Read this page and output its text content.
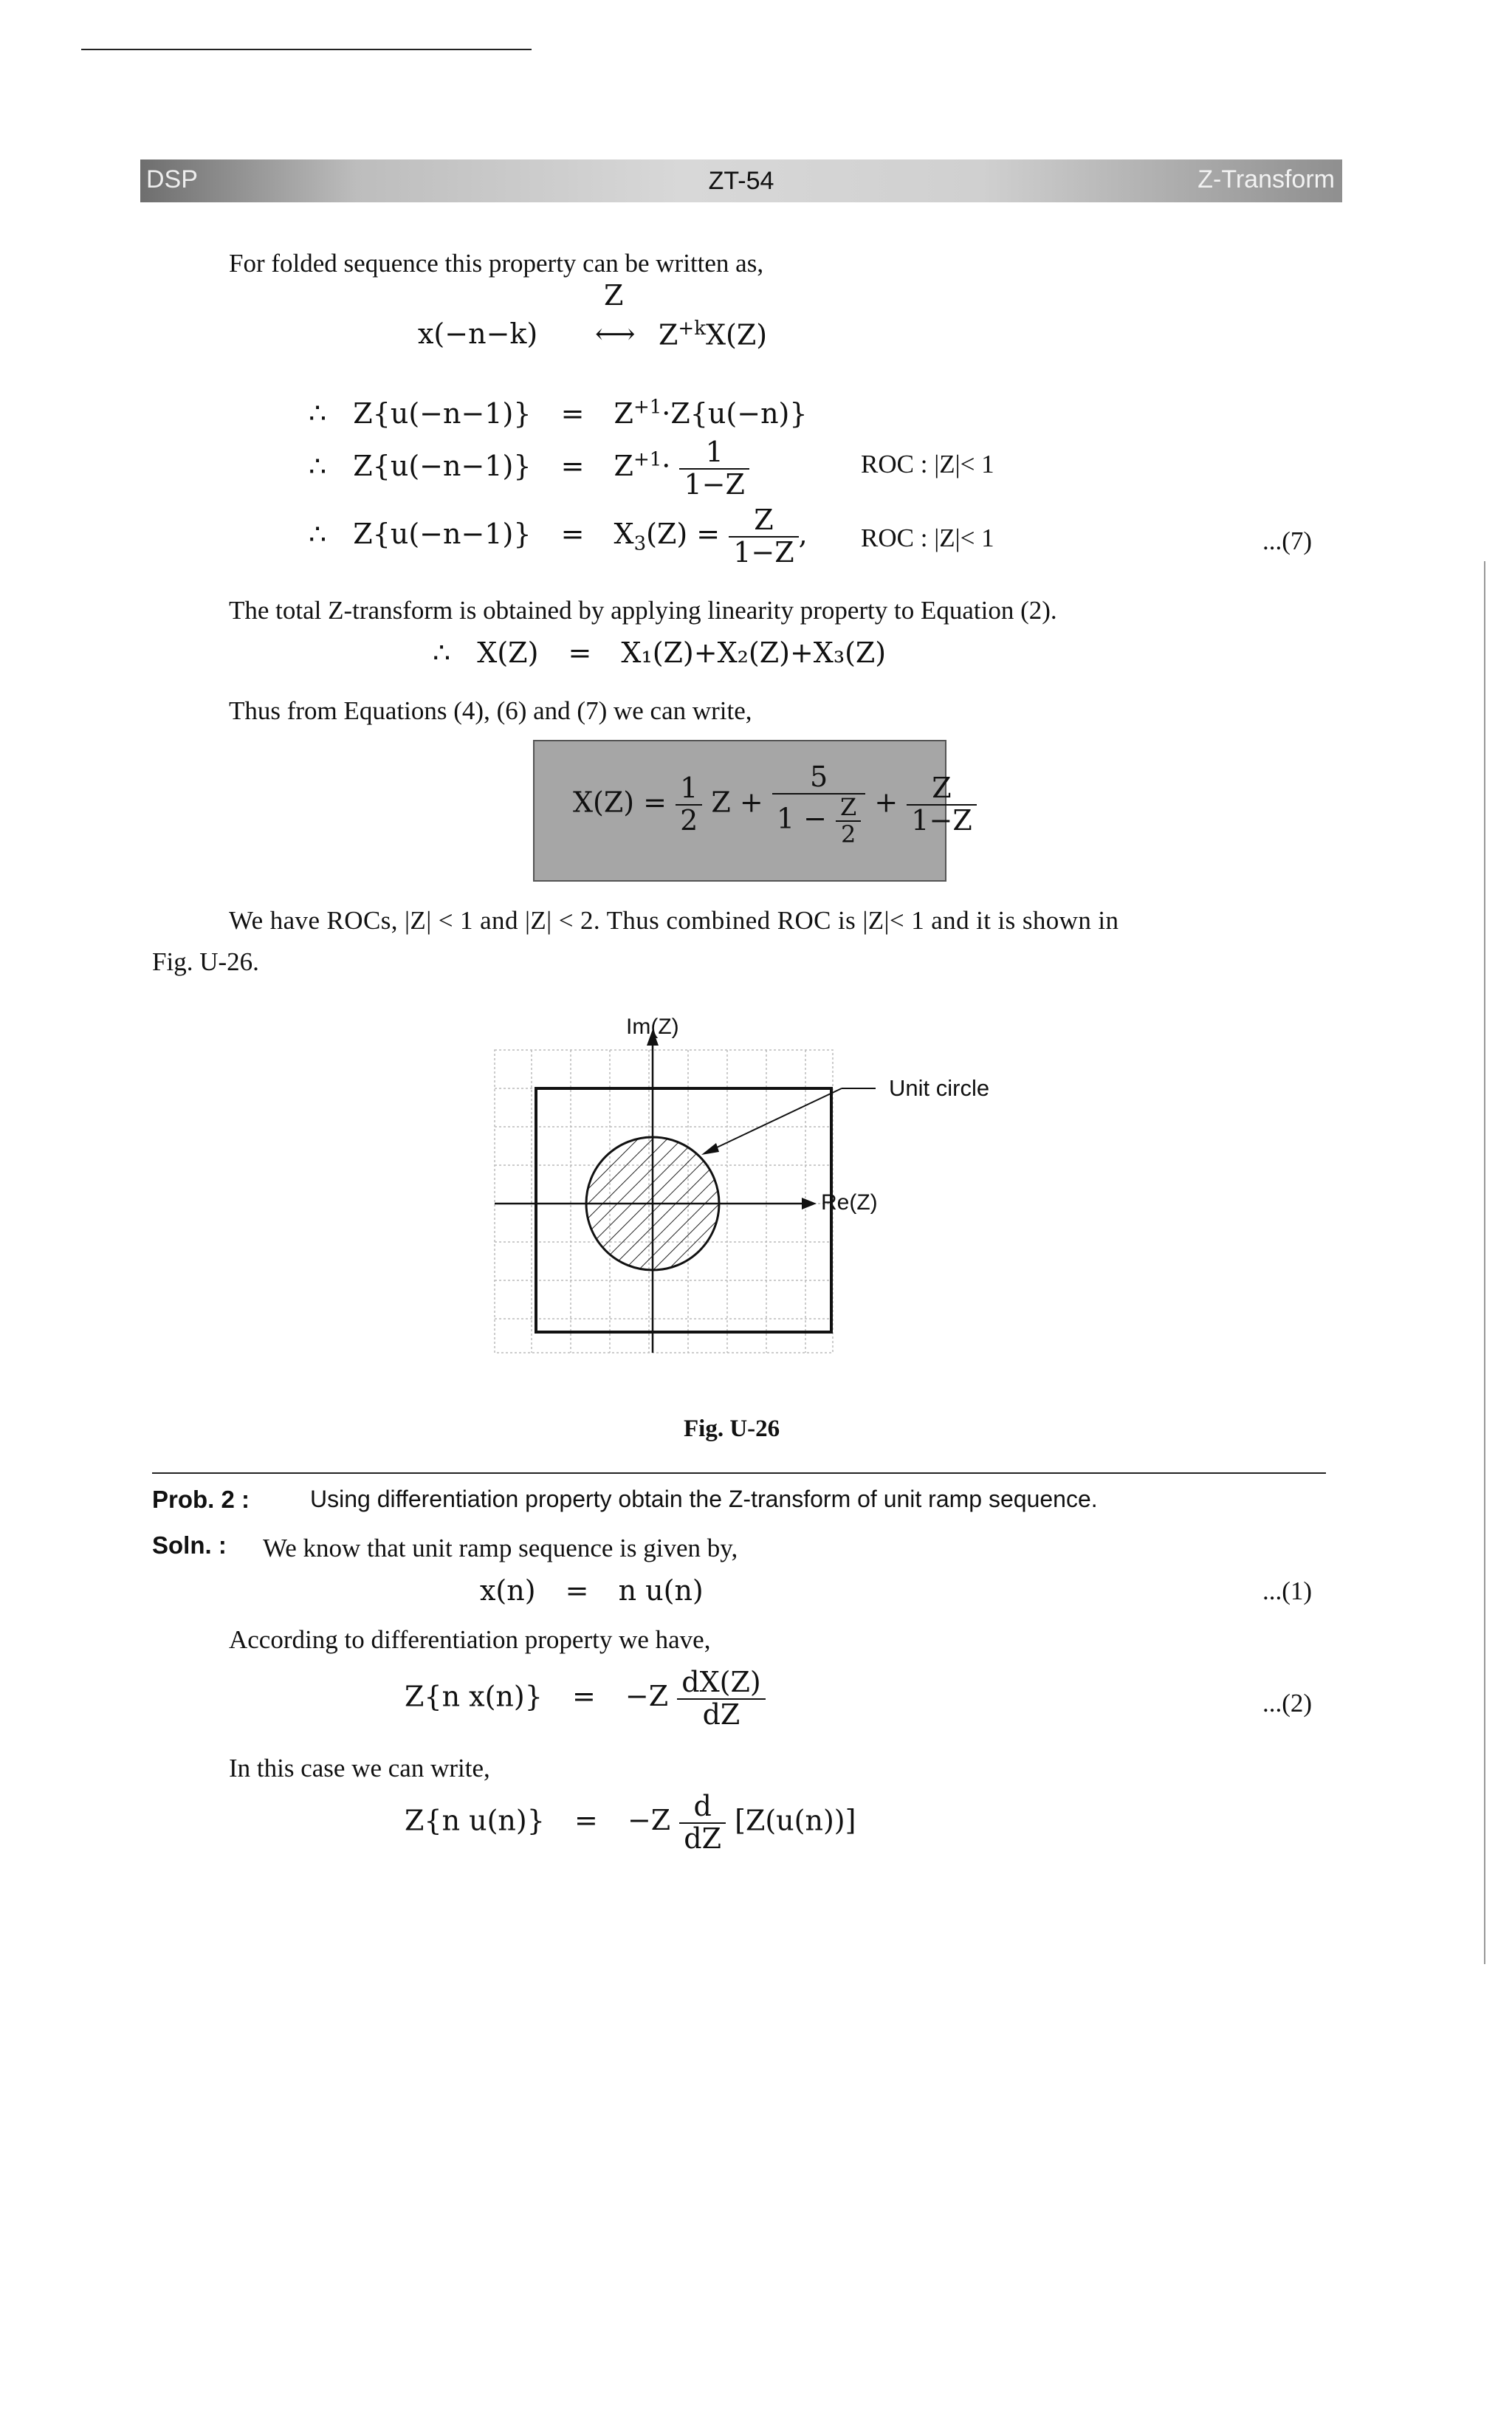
DSP	ZT-54	Z-Transform
For folded sequence this property can be written as,
Z
x(−n−k) ⟷ $Z^{+k}X(Z)$
∴ $Z\{u(-n-1)\} = Z^{+1}\cdot Z\{u(-n)\}$
∴ $Z\{u(-n-1)\} = Z^{+1}\cdot \frac{1}{1-Z}$	ROC : |Z|< 1
∴ $Z\{u(-n-1)\} = X_3(Z) = \frac{Z}{1-Z}$ , ROC : |Z|< 1	...(7)
The total Z-transform is obtained by applying linearity property to Equation (2).
∴ X(Z) = X₁(Z)+X₂(Z)+X₃(Z)
Thus from Equations (4), (6) and (7) we can write,
$X(Z) = \frac{1}{2}$ $Z + \frac{5}{1 - \frac{Z}{2}} + \frac{Z}{1-Z}$
We have ROCs, |Z| < 1 and |Z| < 2. Thus combined ROC is |Z|< 1 and it is shown in
Fig. U-26.
Im(Z)
Re(Z)
Unit circle
Fig. U-26
Prob. 2 :	Using differentiation property obtain the Z-transform of unit ramp sequence.
Soln. : We know that unit ramp sequence is given by,
x(n) = n u(n)	...(1)
According to differentiation property we have,
Z{n $x(n)\} = -Z \frac{dX(Z)}{dZ}$	...(2)
In this case we can write,
Z{n $u(n)\} = -Z \frac{d}{dZ} [Z(u(n))]$
